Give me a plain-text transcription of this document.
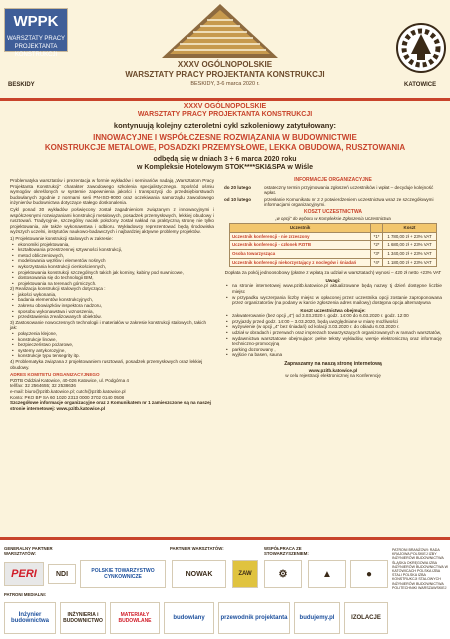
WPPK
WARSZTATY PRACY PROJEKTANTA KONSTRUKCJI
BESKIDY
XXXV OGÓLNOPOLSKIE
WARSZTATY PRACY PROJEKTANTA KONSTRUKCJI
BESKIDY, 3-6 marca 2020 r.	KATOWICE
XXXV OGÓLNOPOLSKIE
WARSZTATY PRACY PROJEKTANTA KONSTRUKCJI
kontynuują kolejny czteroletni cykl szkoleniowy zatytułowany:
INNOWACYJNE I WSPÓŁCZESNE ROZWIĄZANIA W BUDOWNICTWIE
KONSTRUKCJE METALOWE, POSADZKI PRZEMYSŁOWE, LEKKA OBUDOWA, RUSZTOWANIA
odbędą się w dniach 3 ÷ 6 marca 2020 roku
w Kompleksie Hotelowym STOK****SKI&SPA w Wiśle

Problematyka warsztatów i prezentacja w formie wykładów i seminariów nadają „Warsztatom Pracy Projektanta Konstrukcji” charakter zawodowego szkolenia specjalistycznego. Spośród ośmiu wymogów określonych w systemie zapewnienia jakości i transpozycji do przedsiębiorstwach budowlanych zgodnie z normami serii PN-ISO-9000 oraz oczekiwania samorządu zawodowego inżynierów budownictwa dotyczące stałego doskonalenia.

Cykl ponad 30 wykładów poświęcony został zagadnieniom związanym z innowacyjnymi i współczesnymi rozwiązaniami konstrukcji metalowych, posadzek przemysłowych, lekkiej obudowy i rusztowań. Tradycyjnie, szczególny nacisk położony został nakład na praktyczną stronę nie tylko projektowania, ale także wykonawstwa i odbioru. Wykładowcy reprezentować będą środowiska wyższych uczelni, instytutów naukowo-badawczych i najbardziej aktywne problemy projektów.

1) Projektowanie konstrukcji stalowych w zakresie:
• ekonomiki projektowania,
• kształtowania przestrzennej sztywności konstrukcji,
• metod obliczeniowych,
• modelowania węzłów i elementów nośnych
• wykorzystania konstrukcji cienkościennych,
• projektowania konstrukcji szczególnych takich jak kominy, kabiny pod suwnicowe,
• dostosowania się do technologii BIM,
• projektowania na terenach górniczych.
2) Realizacja konstrukcji stalowych dotycząca :
• jakości wykonania,
• badania elementów konstrukcyjnych,
• zakresu obowiązków inspektora nadzoru,
• sposobu wykonawstwa i wznoszenia,
• przedstawienia zrealizowanych obiektów.
3) Zastosowanie nowoczesnych technologii i materiałów w zakresie konstrukcji stalowych, takich jak:
• połączenia klejone,
• konstrukcje linowe,
• bezpieczeństwo pożarowe,
• systemy antykorozyjne,
• konstrukcje typu tensegrity itp.
4) Problematyka związana z projektowaniem rusztowań, posadzek przemysłowych oraz lekkiej obudowy.
ADRES KOMITETU ORGANIZACYJNEGO
PZITB Oddział Katowice, 40-026 Katowice, ul. Podgórna 4
tel/fax: 32 2564655; 32 2538636
e-mail: biuro@pzitb.katowice.pl; cutch@pzitb.katowice.pl
Konto: PKO BP SA 60 1020 2313 0000 3702 0140 0508
Szczegółowe informacje organizacyjne oraz z Komunikatem nr 1 zamieszczone są na naszej stronie internetowej: www.pzitb.katowice.pl
INFORMACJE ORGANIZACYJNE
do 20 lutego	ostateczny termin przyjmowania zgłoszeń uczestników i wpłat – decyduje kolejność wpłat.
od 10 lutego	przesłanie Komunikatu nr 2 z potwierdzeniem uczestnictwa wraz ze szczegółowymi informacjami organizacyjnymi.
KOSZT UCZESTNICTWA
„w opcji” do wyboru w Kompleksie Zgłoszenia Uczestnictwa
Uczestnik		Koszt
Uczestnik konferencji - nie zrzeszony	*1*	1 780,00 zł + 23% VAT
Uczestnik konferencji - członek PZITB	*2*	1 680,00 zł + 23% VAT
Osoba towarzysząca	*3*	1 340,00 zł + 23% VAT
Uczestnik konferencji niekorzystający z noclegów i śniadań	*4*	1 180,00 zł + 23% VAT
Dopłata za pokój jednoosobowy (płatne z wpłatą za udział w warsztatach) wynosi – 420 zł netto +23% VAT
Uwagi:
• na stronie internetowej www.pzitb.katowice.pl aktualizowane będą nazwy tj dzień dostępne liczbie miejsc
• w przypadku wyczerpania liczby miejsc w opłaconej przez uczestnika opcji zostanie zaproponowana przez organizatorów (na podany w karcie zgłoszenia adres mailowy) dostępna opcja alternatywna
Koszt uczestnictwa obejmuje:
• zakwaterowanie (bez opcji „4”) od 3.03.2020 r. godz. 14:00 do 6.03.2020 r. godz. 12:00
• przyjazdy przed godz. 14:00 – 3.03.2020, będą uwzględniane w miarę możliwości
• wyżywienie (w opcji „4” bez śniadań) od kolacji 3.03.2020 r. do obiadu 6.03.2020 r.
• udział w obradach i przerwach oraz imprezach towarzyszących organizowanych w ramach warsztatów,
• wydawnictwa warsztatowe obejmujące: pełne teksty wykładów, wersje elektroniczną oraz informację techniczno-promocyjną
• parking dozorowany ,
• wyjście na basen, sauna
Zapraszamy na naszą stronę internetową
www.pzitb.katowice.pl
w celu rejestracji elektronicznej na Konferencję
GENERALNY PARTNER WARSZTATÓW:
PARTNER WARSZTATÓW:	WSPÓŁPRACA ZE STOWARZYSZENIEM:
PATRONI MEDIALNI:
PERI	NDI	POLSKIE TOWARZYSTWO CYNKOWNICZE	NOWAK	ZAW	⚙	▲	●
Inżynier budownictwa
INŻYNIERIA i BUDOWNICTWO
MATERIAŁY BUDOWLANE	budowlany	przewodnik projektanta	budujemy.pl	IZOLACJE
PATRONI BRANŻOWI: RADA KRAJOWA POLSKIEJ IZBY INŻYNIERÓW BUDOWNICTWA ŚLĄSKA OKRĘGOWA IZBA INŻYNIERÓW BUDOWNICTWA W KATOWICACH POLSKA IZBA STALI POLSKA IZBA KONSTRUKCJI STALOWYCH INŻYNIERÓW BUDOWNICTWA POLITECHNIKI WARSZAWSKIEJ
